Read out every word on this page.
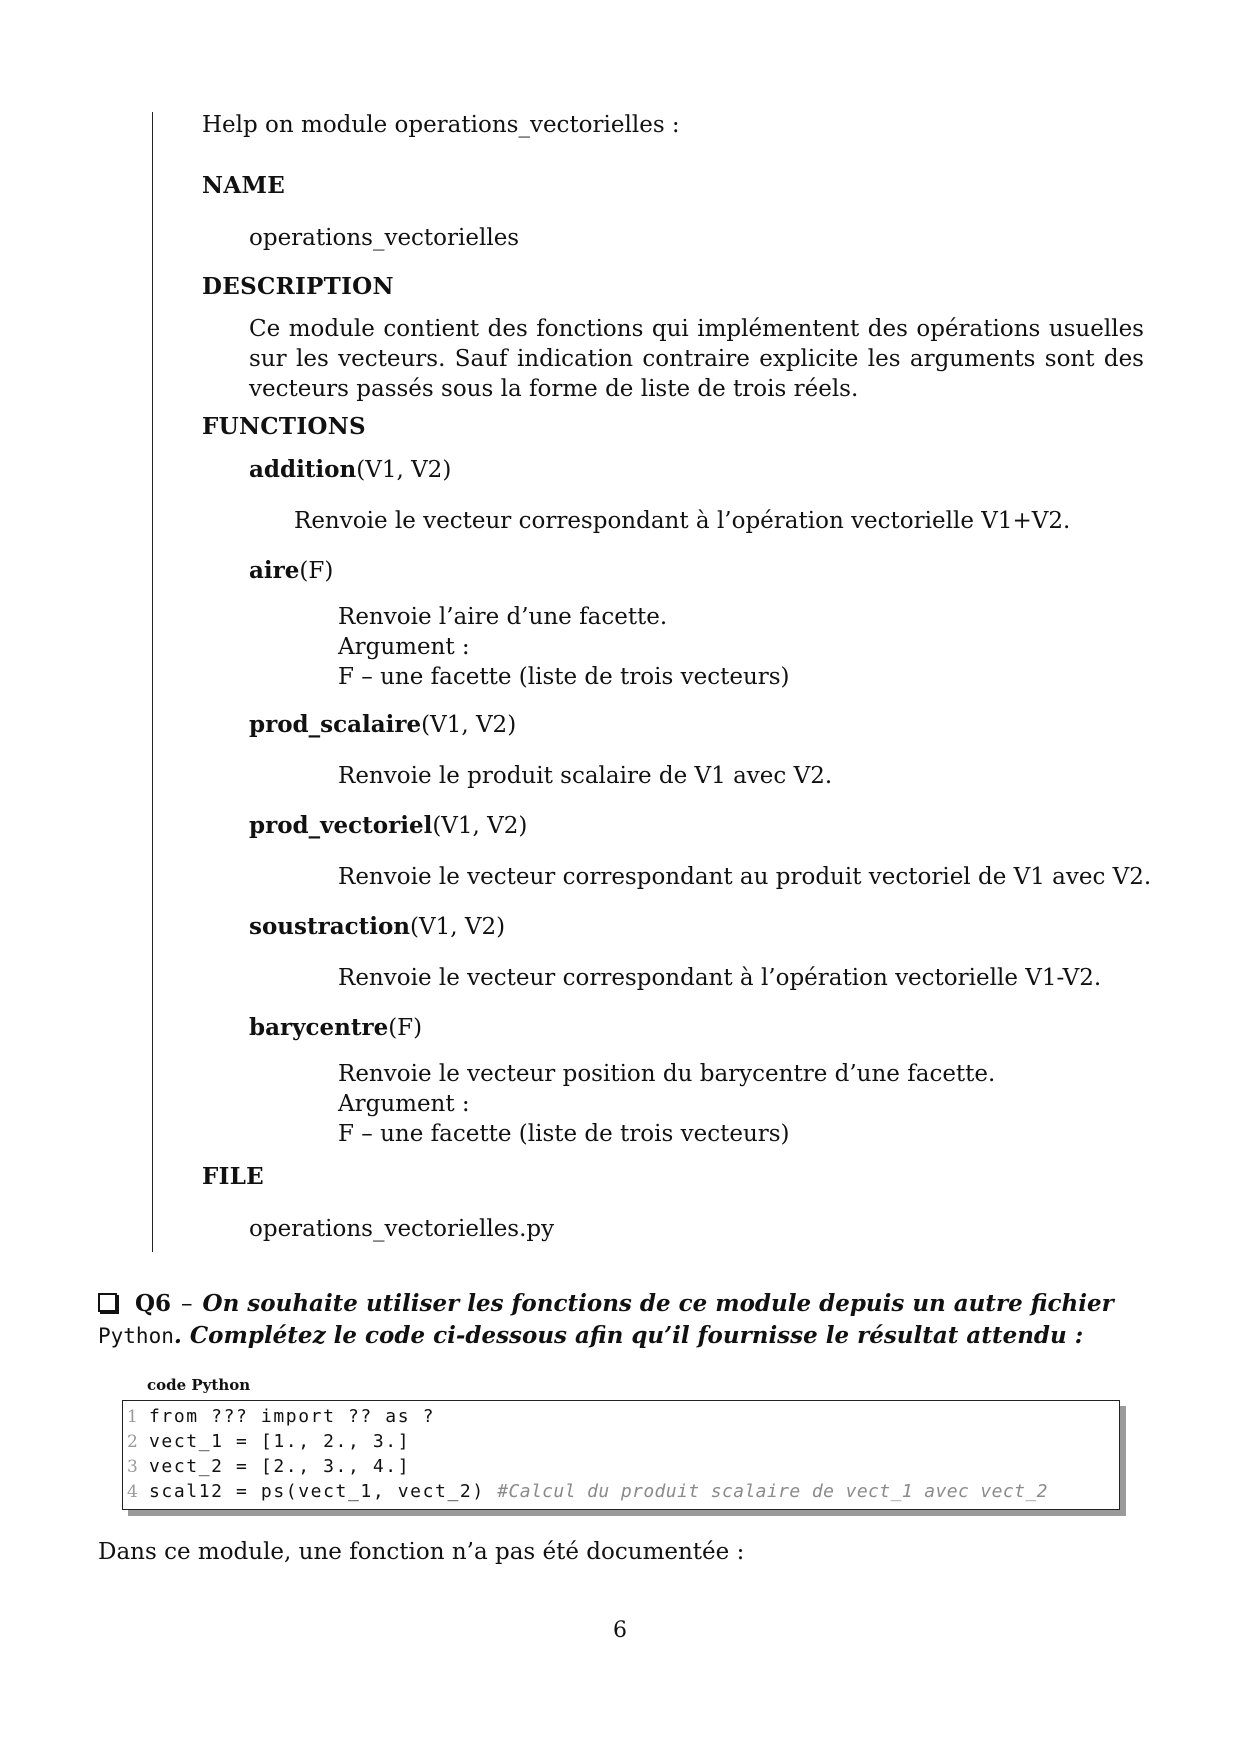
Help on module operations_vectorielles :
NAME
operations_vectorielles
DESCRIPTION
Ce module contient des fonctions qui implémentent des opérations usuelles sur les vecteurs. Sauf indication contraire explicite les arguments sont des vecteurs passés sous la forme de liste de trois réels.
FUNCTIONS
addition(V1, V2)
Renvoie le vecteur correspondant à l’opération vectorielle V1+V2.
aire(F)
Renvoie l’aire d’une facette.
Argument :
F – une facette (liste de trois vecteurs)
prod_scalaire(V1, V2)
Renvoie le produit scalaire de V1 avec V2.
prod_vectoriel(V1, V2)
Renvoie le vecteur correspondant au produit vectoriel de V1 avec V2.
soustraction(V1, V2)
Renvoie le vecteur correspondant à l’opération vectorielle V1-V2.
barycentre(F)
Renvoie le vecteur position du barycentre d’une facette.
Argument :
F – une facette (liste de trois vecteurs)
FILE
operations_vectorielles.py
Q6 – On souhaite utiliser les fonctions de ce module depuis un autre fichier
Python. Complétez le code ci-dessous afin qu’il fournisse le résultat attendu :
code Python
1 from ??? import ?? as ?
2 vect_1 = [1., 2., 3.]
3 vect_2 = [2., 3., 4.]
4 scal12 = ps(vect_1, vect_2) #Calcul du produit scalaire de vect_1 avec vect_2
Dans ce module, une fonction n’a pas été documentée :
6
